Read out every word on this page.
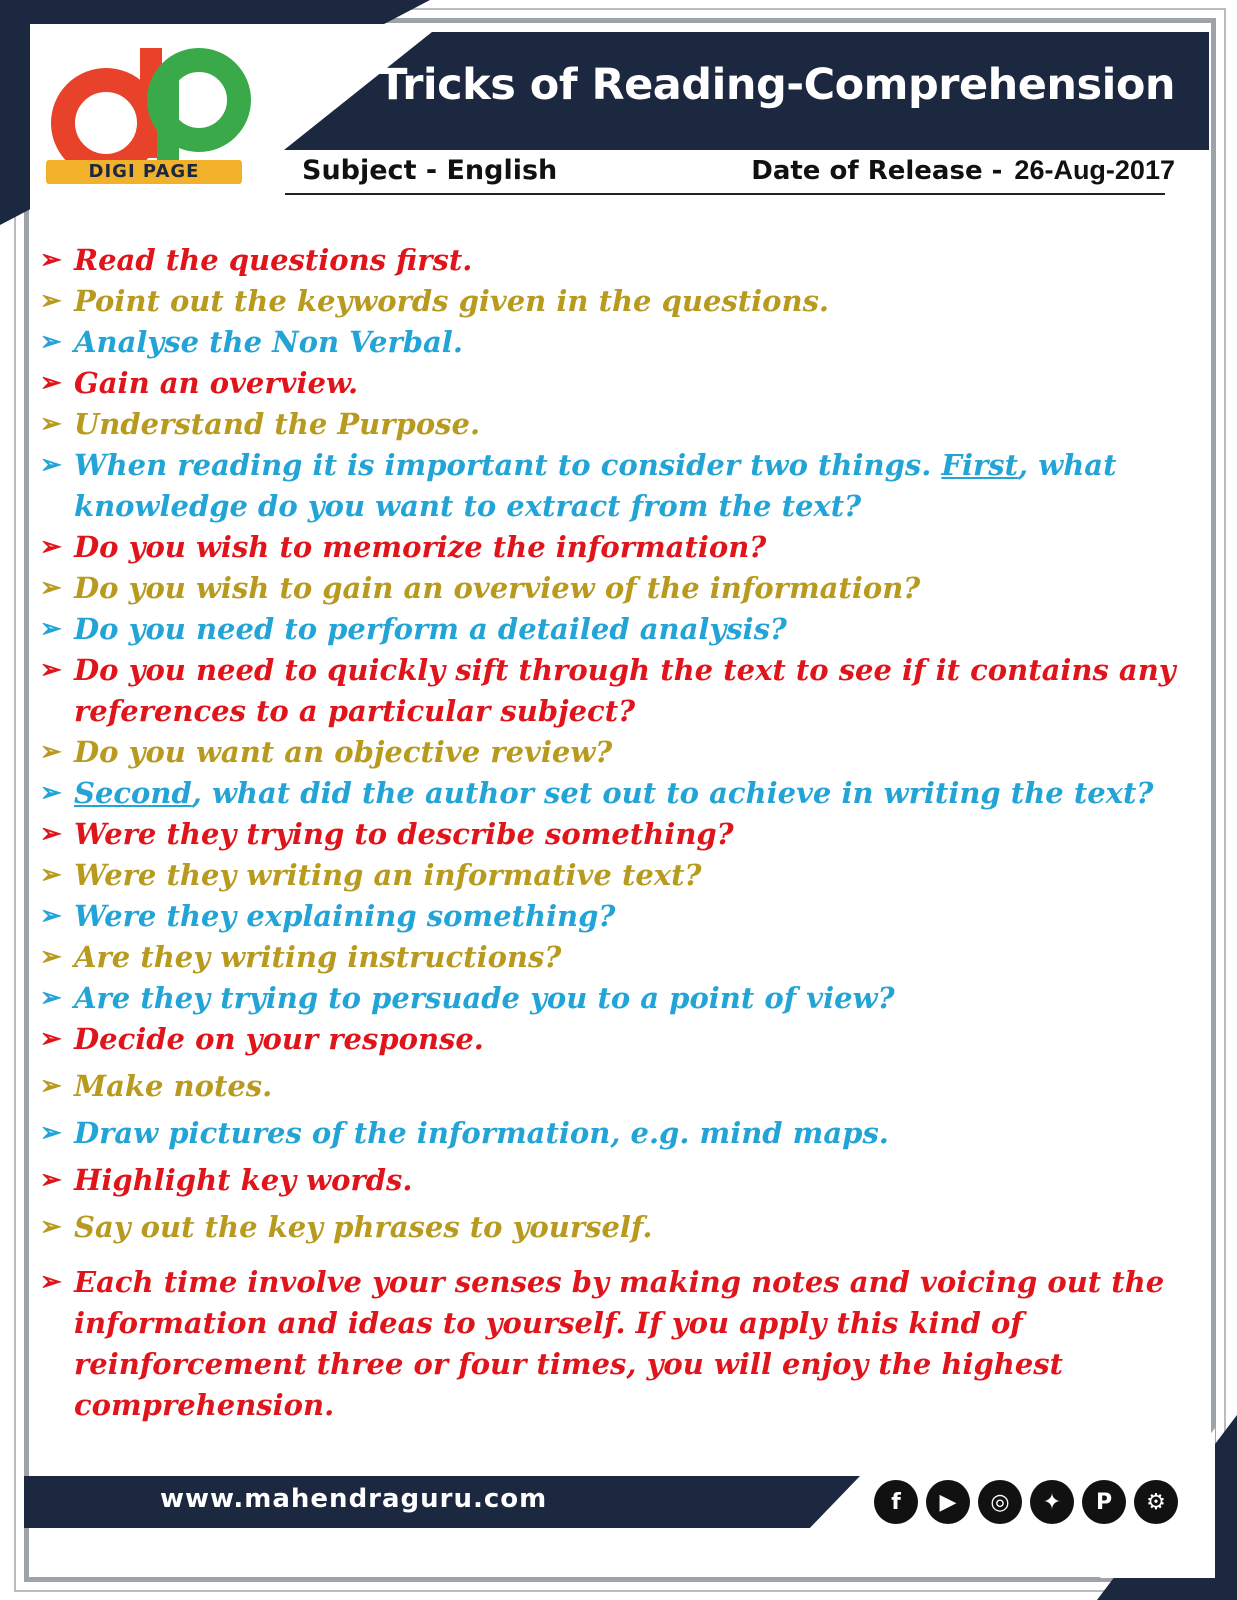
Tricks of Reading-Comprehension
DIGI PAGE	Subject - English	Date of Release - 26-Aug-2017
➢ Read the questions first.
➢ Point out the keywords given in the questions.
➢ Analyse the Non Verbal.
➢ Gain an overview.
➢ Understand the Purpose.
➢ When reading it is important to consider two things. First, what knowledge do you want to extract from the text?
➢ Do you wish to memorize the information?
➢ Do you wish to gain an overview of the information?
➢ Do you need to perform a detailed analysis?
➢ Do you need to quickly sift through the text to see if it contains any references to a particular subject?
➢ Do you want an objective review?
➢ Second, what did the author set out to achieve in writing the text?
➢ Were they trying to describe something?
➢ Were they writing an informative text?
➢ Were they explaining something?
➢ Are they writing instructions?
➢ Are they trying to persuade you to a point of view?
➢ Decide on your response.
➢ Make notes.
➢ Draw pictures of the information, e.g. mind maps.
➢ Highlight key words.
➢ Say out the key phrases to yourself.
➢ Each time involve your senses by making notes and voicing out the information and ideas to yourself. If you apply this kind of reinforcement three or four times, you will enjoy the highest comprehension.
www.mahendraguru.com	f	▶	◎	✦	P	⚙
